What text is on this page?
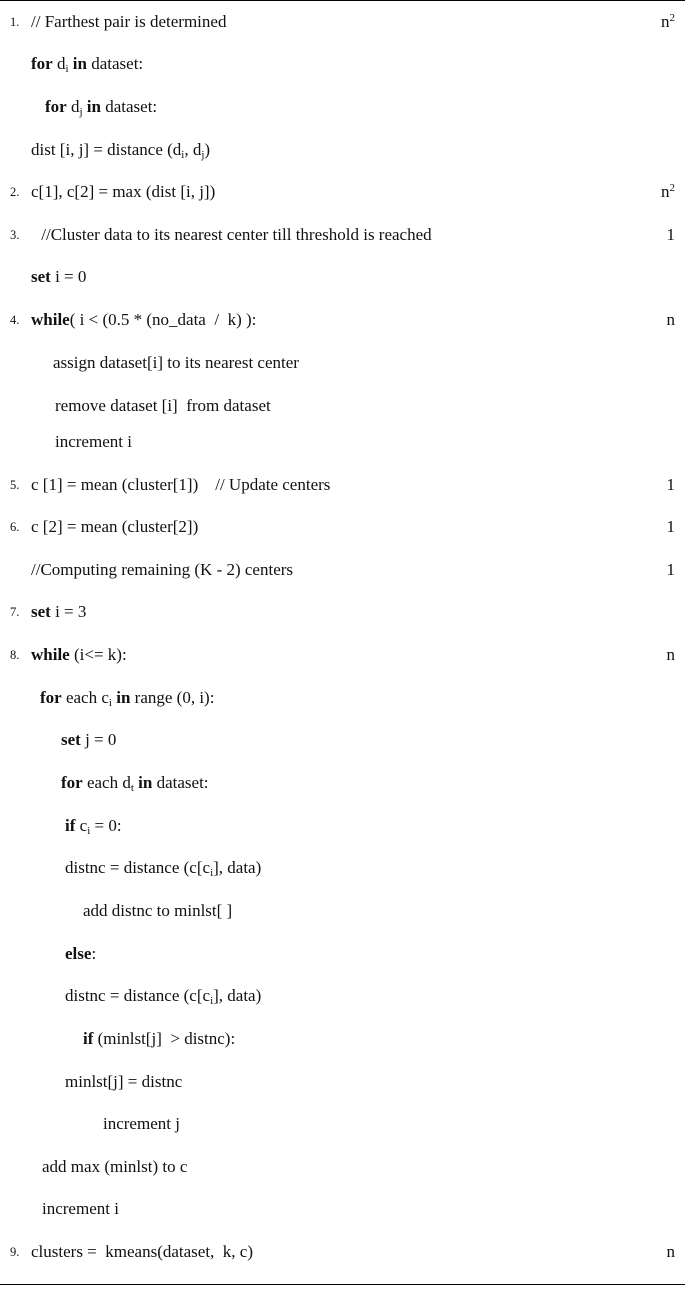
1. // Farthest pair is determined	$n^2$
for $d_i$ in dataset:
for $d_j$ in dataset:
dist [i, j] = distance ($d_i$, $d_j$)
2. c[1], c[2] = max (dist [i, j])	$n^2$
3. //Cluster data to its nearest center till threshold is reached	1
set i = 0
4. while( i < (0.5 * (no_data  /  k) ):	n
assign dataset[i] to its nearest center
remove dataset [i]  from dataset
increment i
5. c [1] = mean (cluster[1])    // Update centers	1
6. c [2] = mean (cluster[2])	1
//Computing remaining (K - 2) centers	1
7. set i = 3
8. while (i<= k):	n
for each $c_i$ in range (0, i):
set j = 0
for each $d_t$ in dataset:
if $c_i = 0$:
distnc = distance ($c[c_i]$, data)
add distnc to minlst[ ]
else:
distnc = distance ($c[c_i]$, data)
if (minlst[j]  > distnc):
minlst[j] = distnc
increment j
add max (minlst) to c
increment i
9. clusters =  kmeans(dataset,  k, c)	n
